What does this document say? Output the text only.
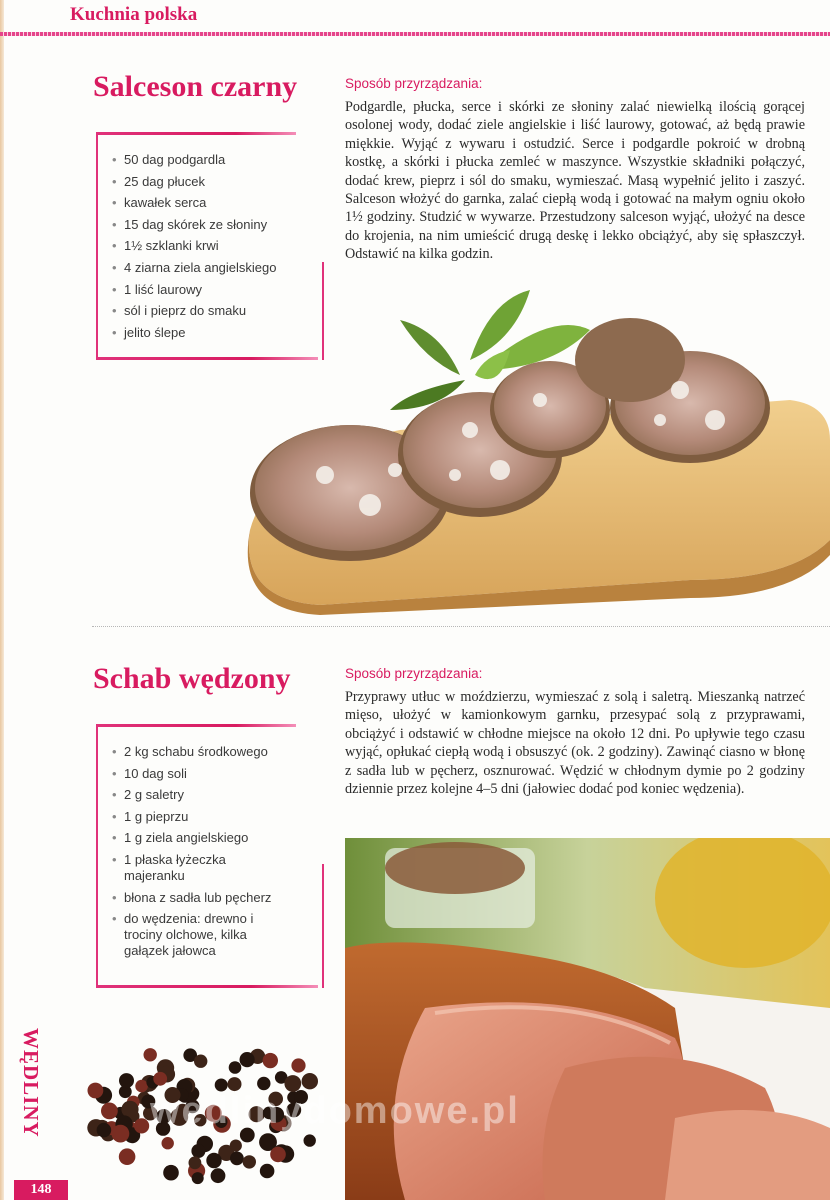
Kuchnia polska
Salceson czarny	Sposób przyrządzania:

Podgardle, płucka, serce i skórki ze słoniny zalać niewielką ilością gorącej osolonej wody, dodać ziele angielskie i liść laurowy, gotować, aż będą prawie miękkie. Wyjąć z wywaru i ostudzić. Serce i podgardle pokroić w drobną kostkę, a skórki i płucka zemleć w maszynce. Wszystkie składniki połączyć, dodać krew, pieprz i sól do smaku, wymieszać. Masą wypełnić jelito i zaszyć. Salceson włożyć do garnka, zalać ciepłą wodą i gotować na małym ogniu około 1½ godziny. Studzić w wywarze. Przestudzony salceson wyjąć, ułożyć na desce do krojenia, na nim umieścić drugą deskę i lekko obciążyć, aby się spłaszczył. Odstawić na kilka godzin.

• 50 dag podgardla
• 25 dag płucek
• kawałek serca
• 15 dag skórek ze słoniny
• 1½ szklanki krwi
• 4 ziarna ziela angielskiego
• 1 liść laurowy
• sól i pieprz do smaku
• jelito ślepe
Schab wędzony	Sposób przyrządzania:

Przyprawy utłuc w moździerzu, wymieszać z solą i saletrą. Mieszanką natrzeć mięso, ułożyć w kamionkowym garnku, przesypać solą z przyprawami, obciążyć i odstawić w chłodne miejsce na około 12 dni. Po upływie tego czasu wyjąć, opłukać ciepłą wodą i obsuszyć (ok. 2 godziny). Zawinąć ciasno w błonę z sadła lub w pęcherz, osznurować. Wędzić w chłodnym dymie po 2 godziny dziennie przez kolejne 4–5 dni (jałowiec dodać pod koniec wędzenia).

• 2 kg schabu środkowego
• 10 dag soli
• 2 g saletry
• 1 g pieprzu
• 1 g ziela angielskiego
• 1 płaska łyżeczka majeranku
• błona z sadła lub pęcherz
• do wędzenia: drewno i trociny olchowe, kilka gałązek jałowca
wedlinydomowe.pl
WĘDLINY
148
